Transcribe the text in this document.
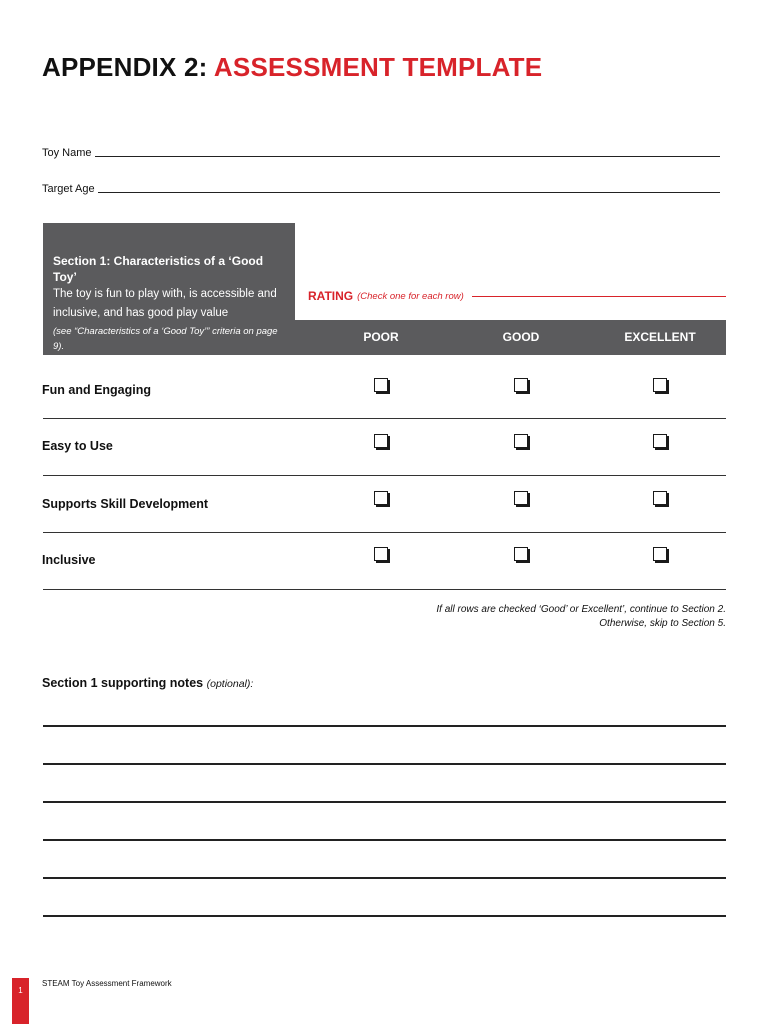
APPENDIX 2: ASSESSMENT TEMPLATE
Toy Name
Target Age
Section 1: Characteristics of a ‘Good Toy’
The toy is fun to play with, is accessible and inclusive, and has good play value
(see “Characteristics of a ‘Good Toy’” criteria on page 9).
RATING (Check one for each row)
POOR	GOOD	EXCELLENT
Fun and Engaging
Easy to Use
Supports Skill Development
Inclusive
If all rows are checked ‘Good’ or Excellent’, continue to Section 2.
Otherwise, skip to Section 5.
Section 1 supporting notes (optional):
1
STEAM Toy Assessment Framework
